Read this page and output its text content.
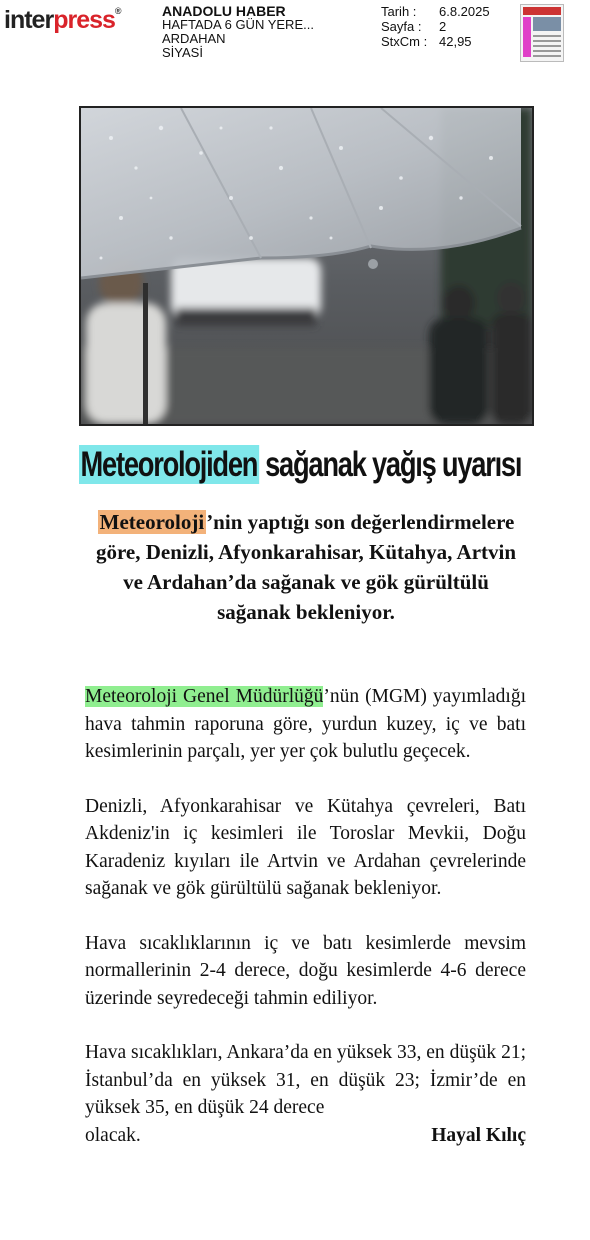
interpress®	ANADOLU HABER
HAFTADA 6 GÜN YERE...
ARDAHAN
SİYASİ
Tarih :	6.8.2025
Sayfa :	2
StxCm : 42,95
Meteorolojiden sağanak yağış uyarısı
Meteoroloji’nin yaptığı son değerlendirmelere göre, Denizli, Afyonkarahisar, Kütahya, Artvin ve Ardahan’da sağanak ve gök gürültülü sağanak bekleniyor.

Meteoroloji Genel Müdürlüğü’nün (MGM) yayımladığı hava tahmin raporuna göre, yurdun kuzey, iç ve batı kesimlerinin parçalı, yer yer çok bulutlu geçecek.

Denizli, Afyonkarahisar ve Kütahya çevreleri, Batı Akdeniz'in iç kesimleri ile Toroslar Mevkii, Doğu Karadeniz kıyıları ile Artvin ve Ardahan çevrelerinde sağanak ve gök gürültülü sağanak bekleniyor.

Hava sıcaklıklarının iç ve batı kesimlerde mevsim normallerinin 2-4 derece, doğu kesimlerde 4-6 derece üzerinde seyredeceği tahmin ediliyor.

Hava sıcaklıkları, Ankara’da en yüksek 33, en düşük 21; İstanbul’da en yüksek 31, en düşük 23; İzmir’de en yüksek 35, en düşük 24 derece

olacak.	Hayal Kılıç
